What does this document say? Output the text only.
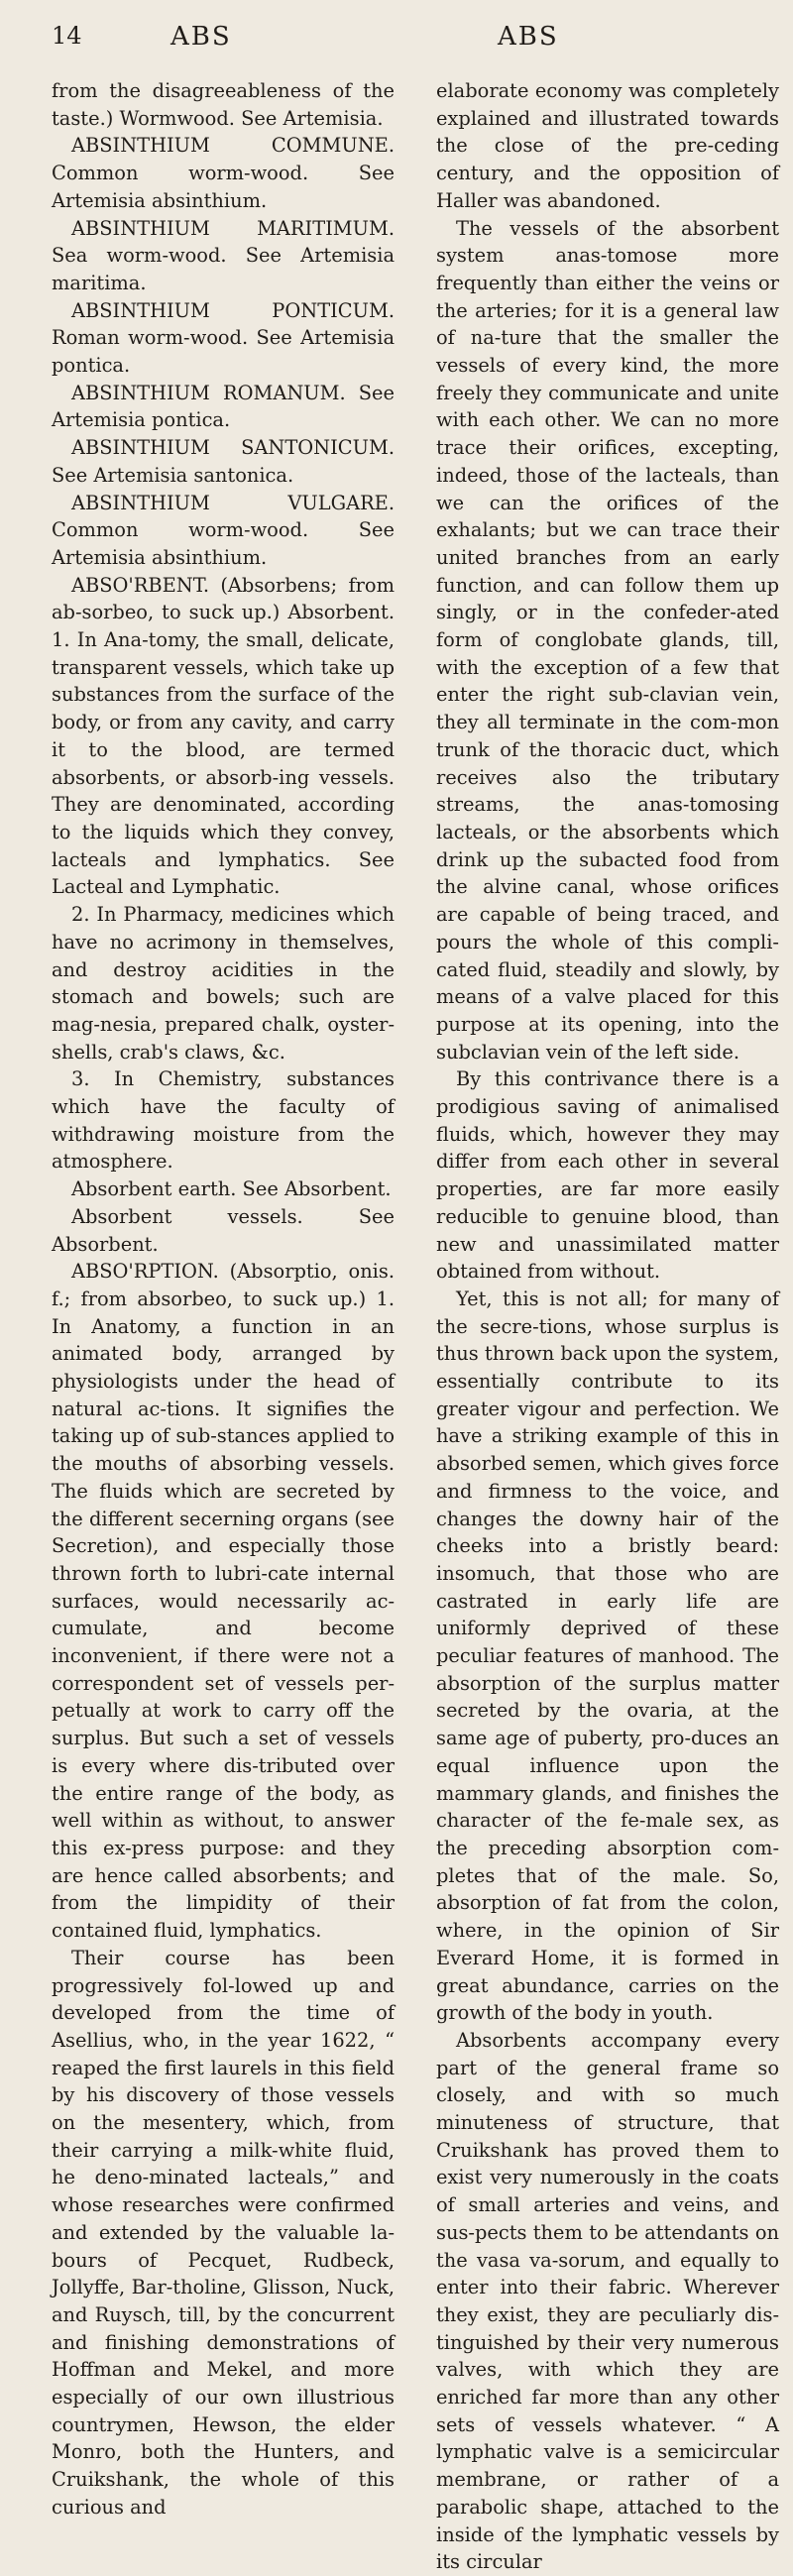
14	ABS	ABS

from the disagreeableness of the taste.) Wormwood. See Artemisia.

ABSINTHIUM COMMUNE. Common worm-wood. See Artemisia absinthium.

ABSINTHIUM MARITIMUM. Sea worm-wood. See Artemisia maritima.

ABSINTHIUM PONTICUM. Roman worm-wood. See Artemisia pontica.

ABSINTHIUM ROMANUM. See Artemisia pontica.

ABSINTHIUM SANTONICUM. See Artemisia santonica.

ABSINTHIUM VULGARE. Common worm-wood. See Artemisia absinthium.

ABSO'RBENT. (Absorbens; from ab-sorbeo, to suck up.) Absorbent. 1. In Ana-tomy, the small, delicate, transparent vessels, which take up substances from the surface of the body, or from any cavity, and carry it to the blood, are termed absorbents, or absorb-ing vessels. They are denominated, according to the liquids which they convey, lacteals and lymphatics. See Lacteal and Lymphatic.

2. In Pharmacy, medicines which have no acrimony in themselves, and destroy acidities in the stomach and bowels; such are mag-nesia, prepared chalk, oyster-shells, crab's claws, &c.

3. In Chemistry, substances which have the faculty of withdrawing moisture from the atmosphere.

Absorbent earth. See Absorbent.

Absorbent vessels. See Absorbent.

ABSO'RPTION. (Absorptio, onis. f.; from absorbeo, to suck up.) 1. In Anatomy, a function in an animated body, arranged by physiologists under the head of natural ac-tions. It signifies the taking up of sub-stances applied to the mouths of absorbing vessels. The fluids which are secreted by the different secerning organs (see Secretion), and especially those thrown forth to lubri-cate internal surfaces, would necessarily ac-cumulate, and become inconvenient, if there were not a correspondent set of vessels per-petually at work to carry off the surplus. But such a set of vessels is every where dis-tributed over the entire range of the body, as well within as without, to answer this ex-press purpose: and they are hence called absorbents; and from the limpidity of their contained fluid, lymphatics.

Their course has been progressively fol-lowed up and developed from the time of Asellius, who, in the year 1622, “ reaped the first laurels in this field by his discovery of those vessels on the mesentery, which, from their carrying a milk-white fluid, he deno-minated lacteals,” and whose researches were confirmed and extended by the valuable la-bours of Pecquet, Rudbeck, Jollyffe, Bar-tholine, Glisson, Nuck, and Ruysch, till, by the concurrent and finishing demonstrations of Hoffman and Mekel, and more especially of our own illustrious countrymen, Hewson, the elder Monro, both the Hunters, and Cruikshank, the whole of this curious and

elaborate economy was completely explained and illustrated towards the close of the pre-ceding century, and the opposition of Haller was abandoned.

The vessels of the absorbent system anas-tomose more frequently than either the veins or the arteries; for it is a general law of na-ture that the smaller the vessels of every kind, the more freely they communicate and unite with each other. We can no more trace their orifices, excepting, indeed, those of the lacteals, than we can the orifices of the exhalants; but we can trace their united branches from an early function, and can follow them up singly, or in the confeder-ated form of conglobate glands, till, with the exception of a few that enter the right sub-clavian vein, they all terminate in the com-mon trunk of the thoracic duct, which receives also the tributary streams, the anas-tomosing lacteals, or the absorbents which drink up the subacted food from the alvine canal, whose orifices are capable of being traced, and pours the whole of this compli-cated fluid, steadily and slowly, by means of a valve placed for this purpose at its opening, into the subclavian vein of the left side.

By this contrivance there is a prodigious saving of animalised fluids, which, however they may differ from each other in several properties, are far more easily reducible to genuine blood, than new and unassimilated matter obtained from without.

Yet, this is not all; for many of the secre-tions, whose surplus is thus thrown back upon the system, essentially contribute to its greater vigour and perfection. We have a striking example of this in absorbed semen, which gives force and firmness to the voice, and changes the downy hair of the cheeks into a bristly beard: insomuch, that those who are castrated in early life are uniformly deprived of these peculiar features of manhood. The absorption of the surplus matter secreted by the ovaria, at the same age of puberty, pro-duces an equal influence upon the mammary glands, and finishes the character of the fe-male sex, as the preceding absorption com-pletes that of the male. So, absorption of fat from the colon, where, in the opinion of Sir Everard Home, it is formed in great abundance, carries on the growth of the body in youth.

Absorbents accompany every part of the general frame so closely, and with so much minuteness of structure, that Cruikshank has proved them to exist very numerously in the coats of small arteries and veins, and sus-pects them to be attendants on the vasa va-sorum, and equally to enter into their fabric. Wherever they exist, they are peculiarly dis-tinguished by their very numerous valves, with which they are enriched far more than any other sets of vessels whatever. “ A lymphatic valve is a semicircular membrane, or rather of a parabolic shape, attached to the inside of the lymphatic vessels by its circular
